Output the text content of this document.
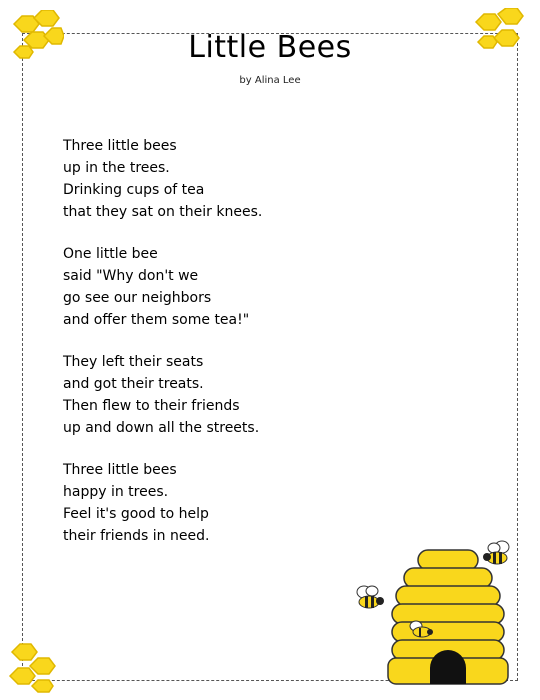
Little Bees
by Alina Lee
Three little bees
up in the trees.
Drinking cups of tea
that they sat on their knees.
One little bee
said "Why don't we
go see our neighbors
and offer them some tea!"
They left their seats
and got their treats.
Then flew to their friends
up and down all the streets.
Three little bees
happy in trees.
Feel it's good to help
their friends in need.
